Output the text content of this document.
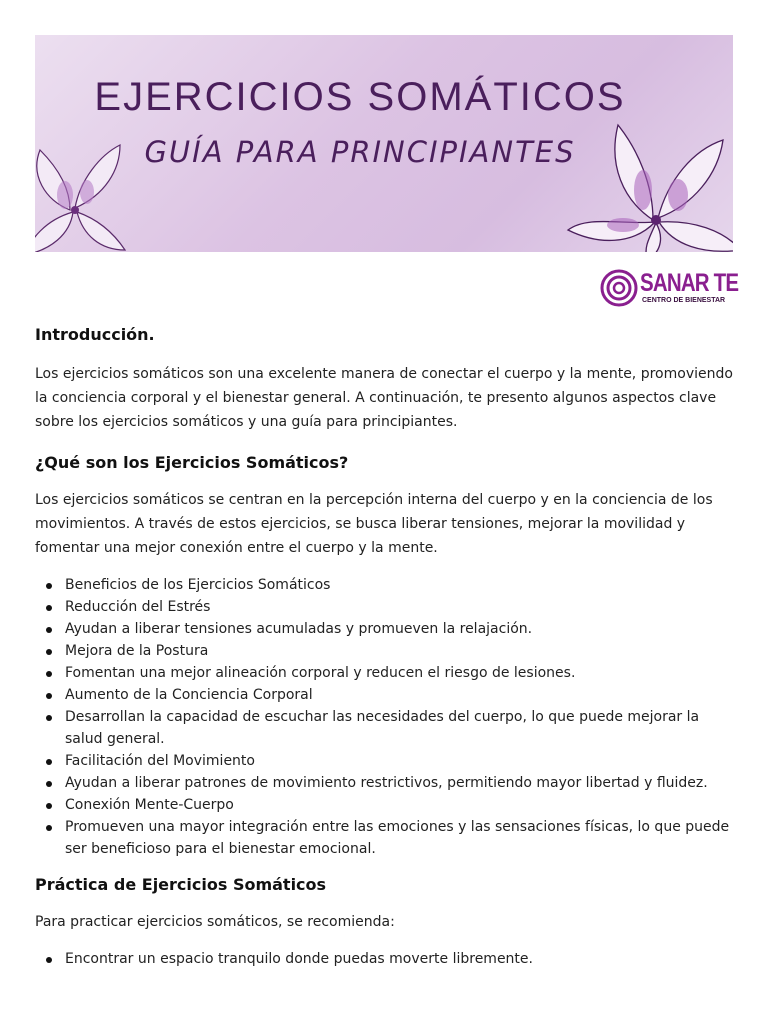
EJERCICIOS SOMÁTICOS
GUÍA PARA PRINCIPIANTES
SANAR TE
CENTRO DE BIENESTAR
Introducción.

Los ejercicios somáticos son una excelente manera de conectar el cuerpo y la mente, promoviendo la conciencia corporal y el bienestar general. A continuación, te presento algunos aspectos clave sobre los ejercicios somáticos y una guía para principiantes.

¿Qué son los Ejercicios Somáticos?

Los ejercicios somáticos se centran en la percepción interna del cuerpo y en la conciencia de los movimientos. A través de estos ejercicios, se busca liberar tensiones, mejorar la movilidad y fomentar una mejor conexión entre el cuerpo y la mente.

Beneficios de los Ejercicios Somáticos
Reducción del Estrés
Ayudan a liberar tensiones acumuladas y promueven la relajación.
Mejora de la Postura
Fomentan una mejor alineación corporal y reducen el riesgo de lesiones.
Aumento de la Conciencia Corporal
Desarrollan la capacidad de escuchar las necesidades del cuerpo, lo que puede mejorar la salud general.
Facilitación del Movimiento
Ayudan a liberar patrones de movimiento restrictivos, permitiendo mayor libertad y fluidez.
Conexión Mente-Cuerpo
Promueven una mayor integración entre las emociones y las sensaciones físicas, lo que puede ser beneficioso para el bienestar emocional.
Práctica de Ejercicios Somáticos

Para practicar ejercicios somáticos, se recomienda:

Encontrar un espacio tranquilo donde puedas moverte libremente.
